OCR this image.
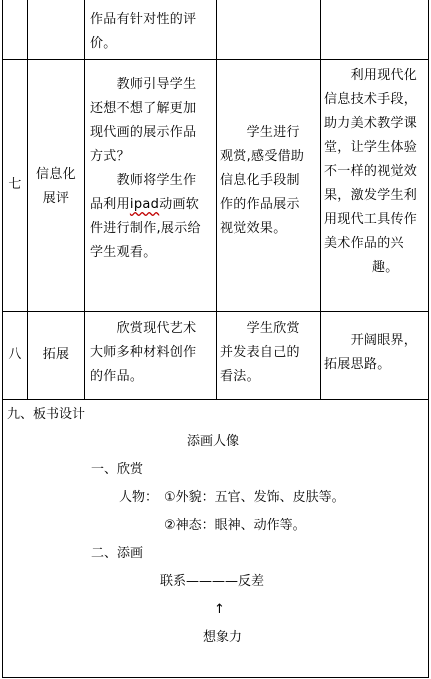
作品有针对性的评
价。
七
信息化
展评
　　教师引导学生
还想不想了解更加
现代画的展示作品
方式？
　　教师将学生作
品利用ipad动画软
件进行制作,展示给
学生观看。
　　学生进行
观赏,感受借助
信息化手段制
作的作品展示
视觉效果。
　　利用现代化
信息技术手段，
助力美术教学课
堂，让学生体验
不一样的视觉效
果，激发学生利
用现代工具传作
美术作品的兴
趣。
八	拓展
　　欣赏现代艺术
大师多种材料创作
的作品。
　　学生欣赏
并发表自己的
看法。
　　开阔眼界，
拓展思路。
九、板书设计
添画人像
一、欣赏
人物： ①外貌：五官、发饰、皮肤等。
②神态：眼神、动作等。
二、添画
联系————反差
↑
想象力
